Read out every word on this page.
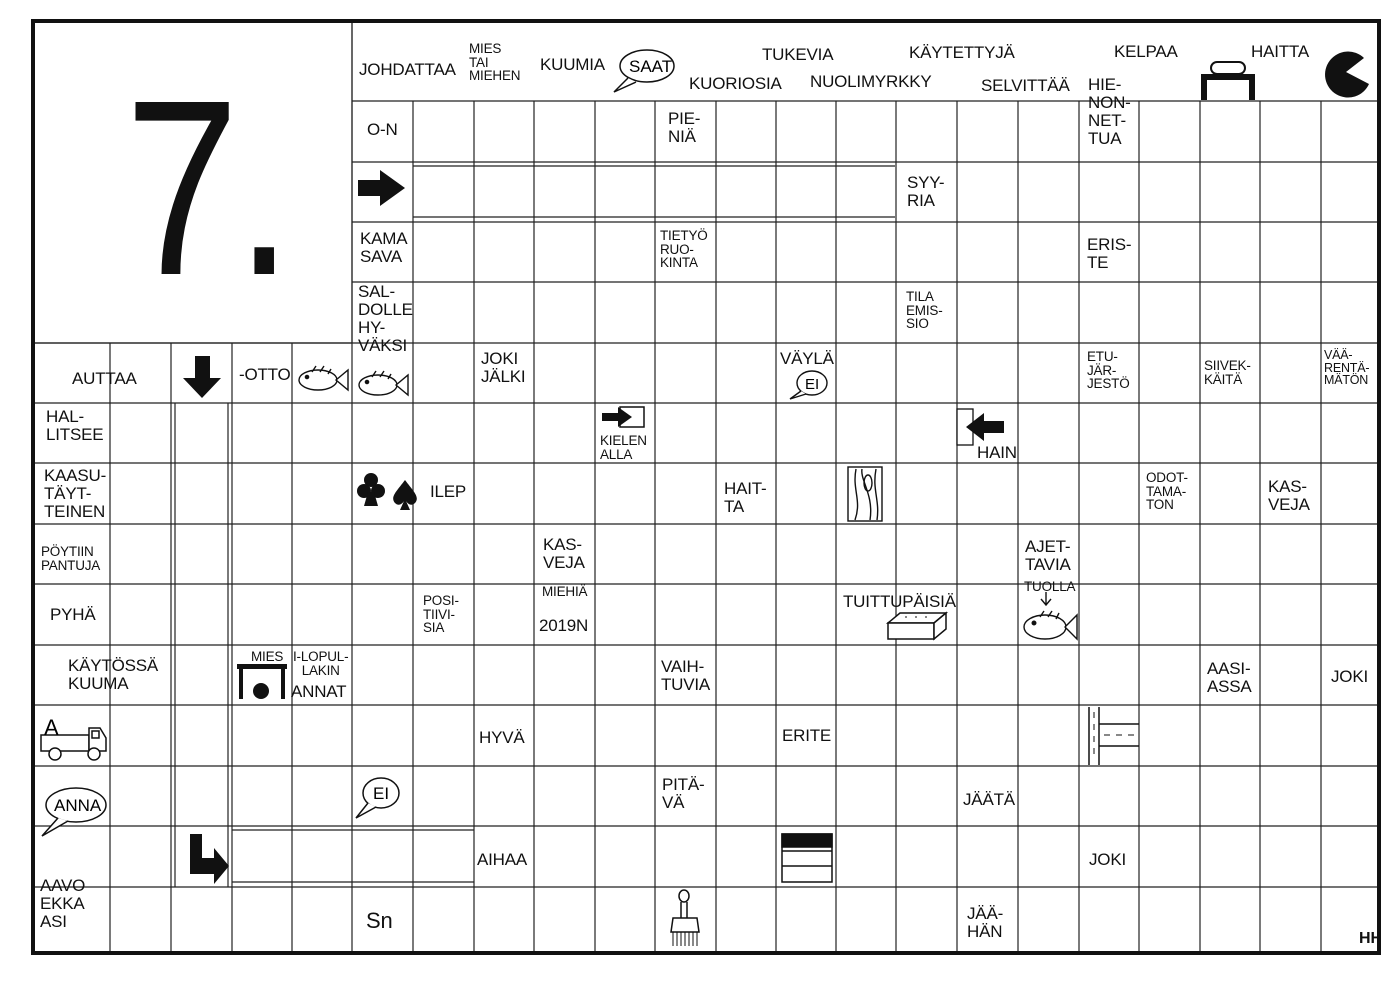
A
SAAT
EI
ANNA
EI
7.
HH
JOHDATTAA
MIES
TAI
MIEHEN
KUUMIA
KUORIOSIA
TUKEVIA
NUOLIMYRKKY
KÄYTETTYJÄ
SELVITTÄÄ
KELPAA	HAITTA
HIE-
NON-
NET-
TUA
O-N
PIE-
NIÄ
SYY-
RIA
KAMA
SAVA
TIETYÖ
RUO-
KINTA
ERIS-
TE
SAL-
DOLLE
HY-
VÄKSI
TILA
EMIS-
SIO
AUTTAA	-OTTO
JOKI
JÄLKI
VÄYLÄ	ETU-
JÄR-
JESTÖ
SIIVEK-
KÄITÄ
VÄÄ-
RENTÄ-
MÄTÖN
HAL-
LITSEE	KIELEN
ALLA	HAIN
KAASU-
TÄYT-
TEINEN
ILEP	HAIT-
TA
ODOT-
TAMA-
TON
KAS-
VEJA
PÖYTIIN
PANTUJA
KAS-
VEJA
AJET-
TAVIA
TUOLLA
PYHÄ
POSI-
TIIVI-
SIA
MIEHIÄ
2019N
TUITTUPÄISIÄ
KÄYTÖSSÄ
KUUMA
MIES I-LOPUL-
LAKIN
ANNAT
VAIH-
TUVIA
AASI-
ASSA
JOKI
HYVÄ	ERITE
PITÄ-
VÄ	JÄÄTÄ
AIHAA	JOKI
AAVO
EKKA
ASI	Sn	JÄÄ-
HÄN
